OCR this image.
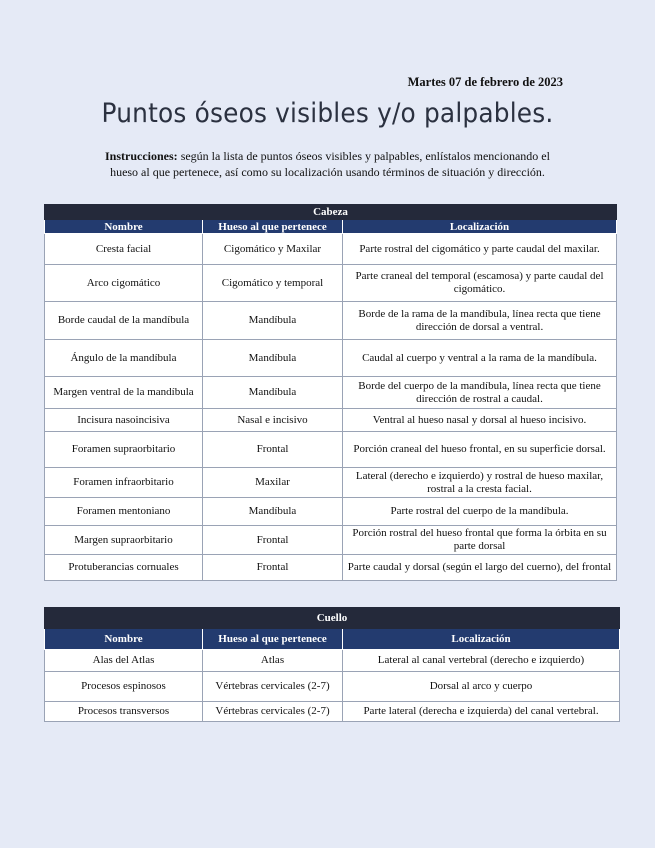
Martes 07 de febrero de 2023
Puntos óseos visibles y/o palpables.
Instrucciones: según la lista de puntos óseos visibles y palpables, enlístalos mencionando el hueso al que pertenece, así como su localización usando términos de situación y dirección.
Cabeza		
Nombre	Hueso al que pertenece	Localización
Cresta facial	Cigomático y Maxilar	Parte rostral del cigomático y parte caudal del maxilar.
Arco cigomático	Cigomático y temporal	Parte craneal del temporal (escamosa) y parte caudal del cigomático.
Borde caudal de la mandíbula	Mandíbula	Borde de la rama de la mandíbula, línea recta que tiene dirección de dorsal a ventral.
Ángulo de la mandíbula	Mandíbula	Caudal al cuerpo y ventral a la rama de la mandíbula.
Margen ventral de la mandíbula	Mandíbula	Borde del cuerpo de la mandíbula, línea recta que tiene dirección de rostral a caudal.
Incisura nasoincisiva	Nasal e incisivo	Ventral al hueso nasal y dorsal al hueso incisivo.
Foramen supraorbitario	Frontal	Porción craneal del hueso frontal, en su superficie dorsal.
Foramen infraorbitario	Maxilar	Lateral (derecho e izquierdo) y rostral de hueso maxilar, rostral a la cresta facial.
Foramen mentoniano	Mandíbula	Parte rostral del cuerpo de la mandíbula.
Margen supraorbitario	Frontal	Porción rostral del hueso frontal que forma la órbita en su parte dorsal
Protuberancias cornuales	Frontal	Parte caudal y dorsal (según el largo del cuerno), del frontal
Cuello		
Nombre	Hueso al que pertenece	Localización
Alas del Atlas	Atlas	Lateral al canal vertebral (derecho e izquierdo)
Procesos espinosos	Vértebras cervicales (2-7)	Dorsal al arco y cuerpo
Procesos transversos	Vértebras cervicales (2-7)	Parte lateral (derecha e izquierda) del canal vertebral.
